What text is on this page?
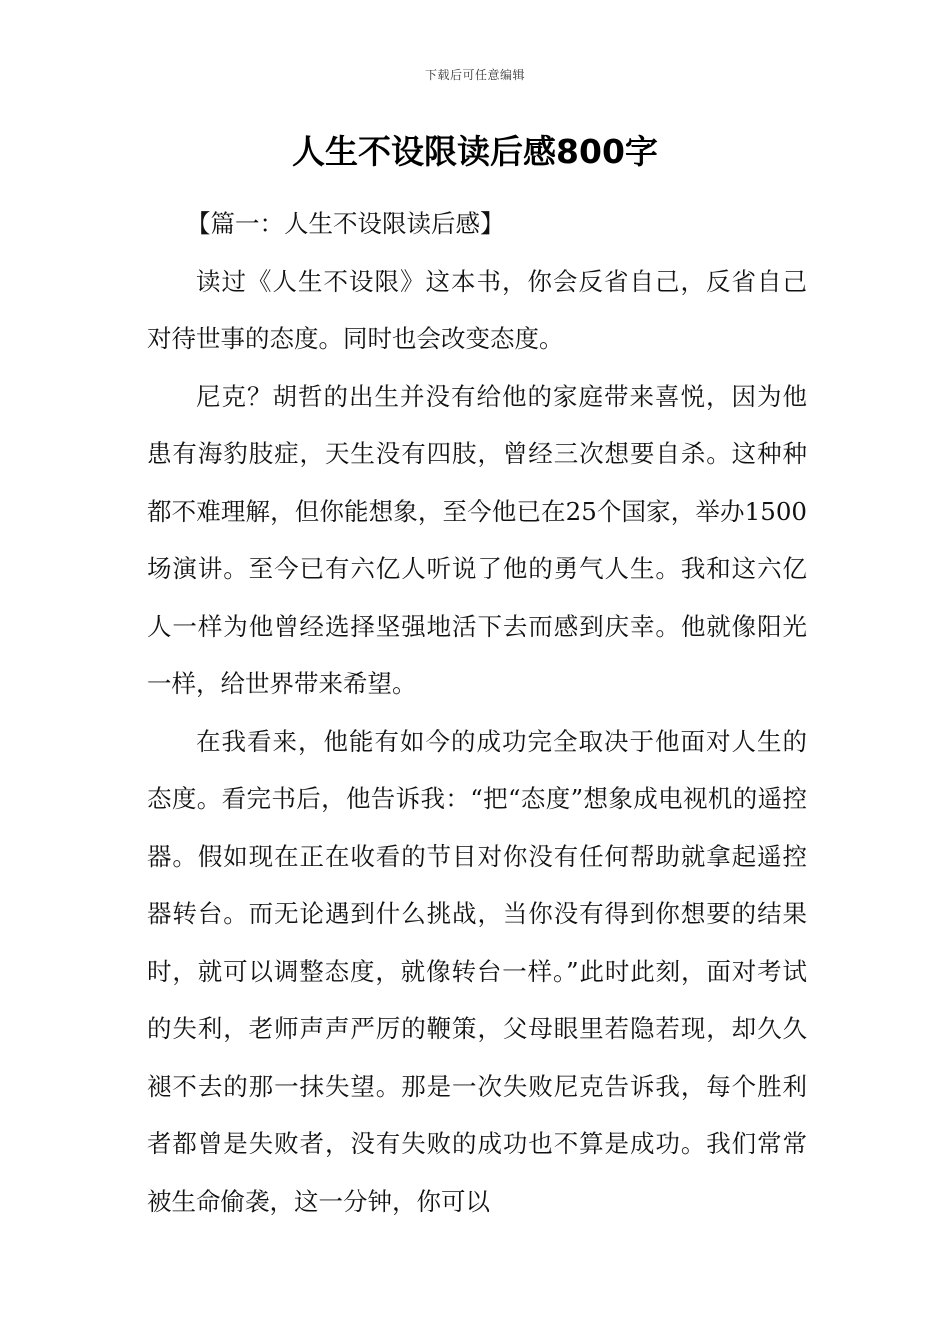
下载后可任意编辑
人生不设限读后感800字
【篇一：人生不设限读后感】

读过《人生不设限》这本书，你会反省自己，反省自己对待世事的态度。同时也会改变态度。

尼克？胡哲的出生并没有给他的家庭带来喜悦，因为他患有海豹肢症，天生没有四肢，曾经三次想要自杀。这种种都不难理解，但你能想象，至今他已在25个国家，举办1500场演讲。至今已有六亿人听说了他的勇气人生。我和这六亿人一样为他曾经选择坚强地活下去而感到庆幸。他就像阳光一样，给世界带来希望。

在我看来，他能有如今的成功完全取决于他面对人生的态度。看完书后，他告诉我：“把“态度”想象成电视机的遥控器。假如现在正在收看的节目对你没有任何帮助就拿起遥控器转台。而无论遇到什么挑战，当你没有得到你想要的结果时，就可以调整态度，就像转台一样。”此时此刻，面对考试的失利，老师声声严厉的鞭策，父母眼里若隐若现，却久久褪不去的那一抹失望。那是一次失败尼克告诉我，每个胜利者都曾是失败者，没有失败的成功也不算是成功。我们常常被生命偷袭，这一分钟，你可以
